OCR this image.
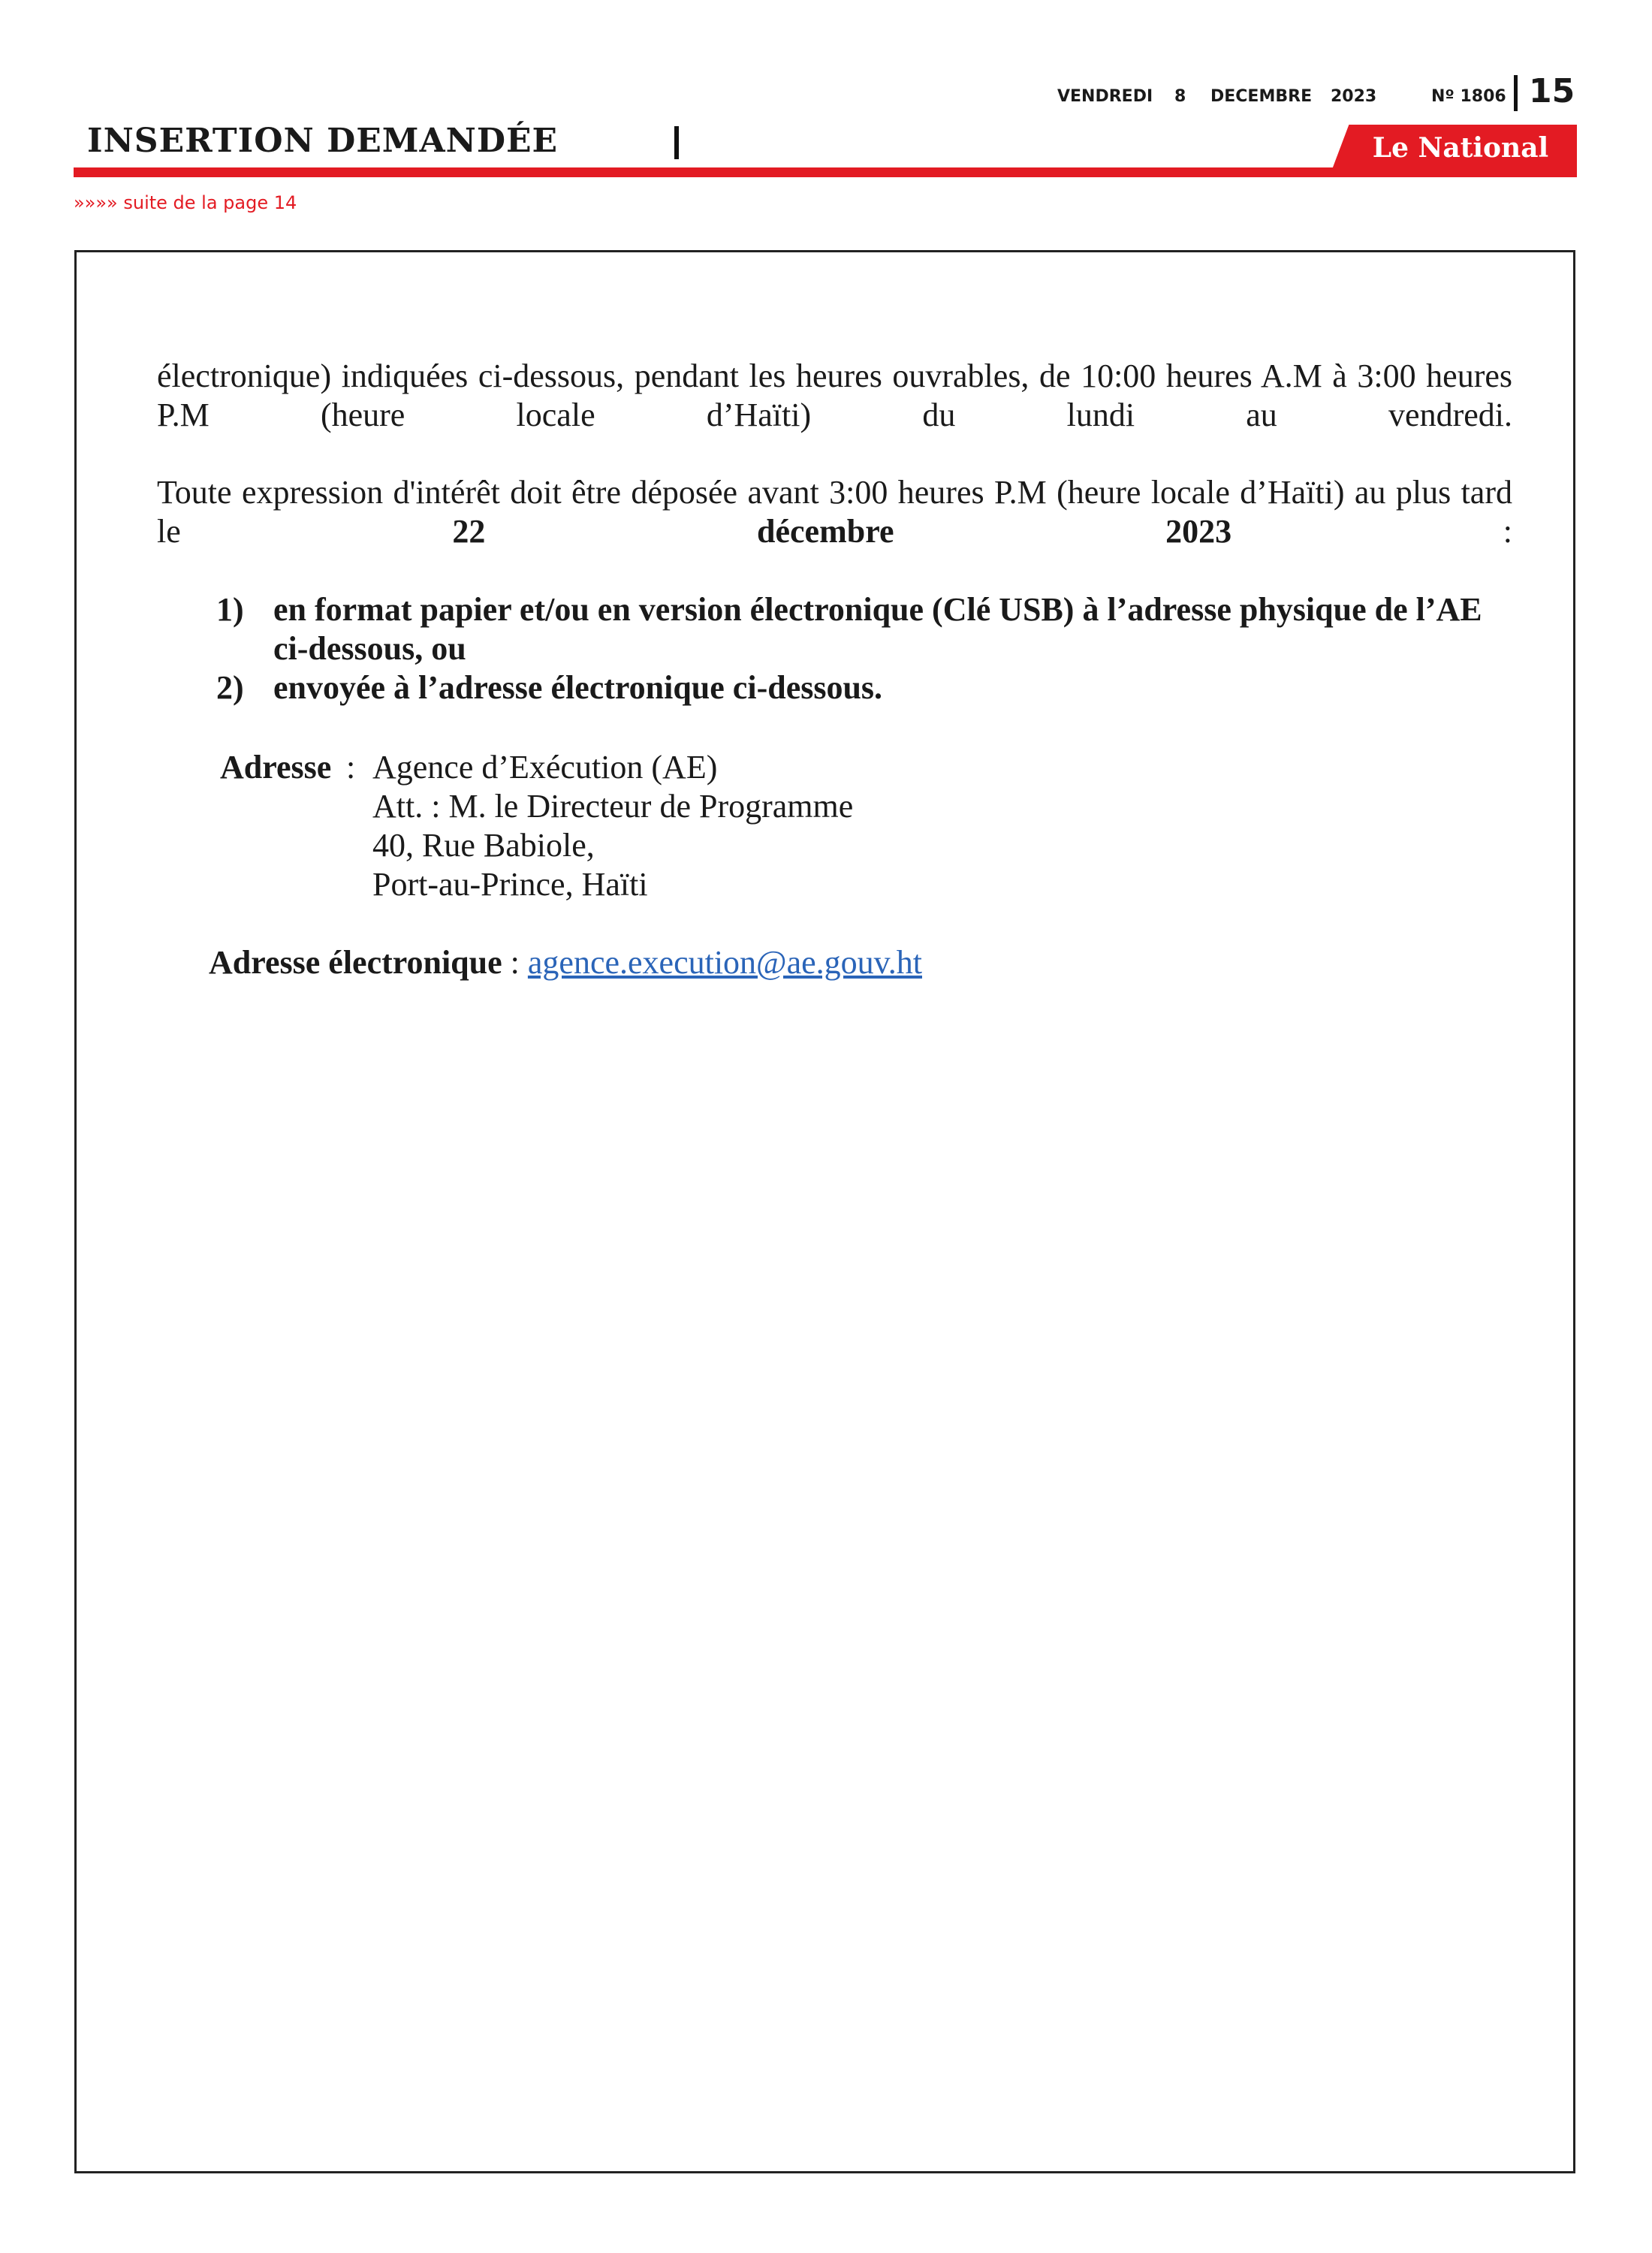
VENDREDI 8 DECEMBRE 2023	Nº 1806 15
INSERTION DEMANDÉE	Le National
»»»» suite de la page 14
électronique) indiquées ci-dessous, pendant les heures ouvrables, de 10:00 heures A.M à 3:00 heures P.M (heure locale d’Haïti) du lundi au vendredi.
Toute expression d'intérêt doit être déposée avant 3:00 heures P.M (heure locale d’Haïti) au plus tard le 22 décembre 2023 :
1) en format papier et/ou en version électronique (Clé USB) à l’adresse physique de l’AE ci-dessous, ou
2) envoyée à l’adresse électronique ci-dessous.
Adresse : Agence d’Exécution (AE)
Att. : M. le Directeur de Programme
40, Rue Babiole,
Port-au-Prince, Haïti
Adresse électronique : agence.execution@ae.gouv.ht
